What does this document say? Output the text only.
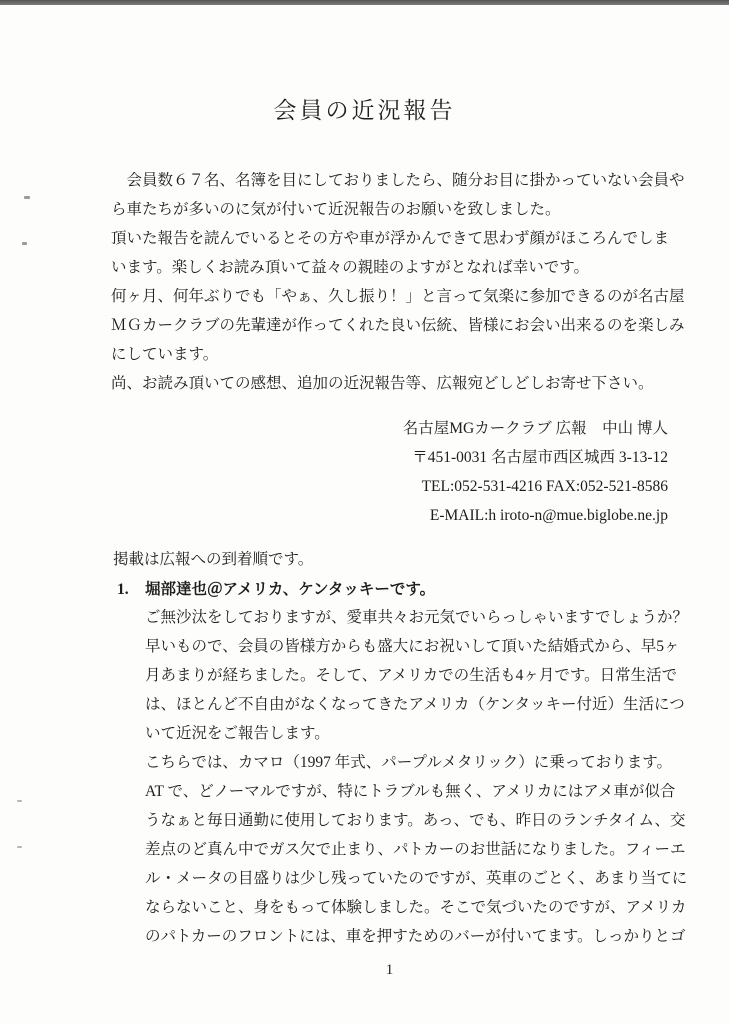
会員の近況報告
　会員数６７名、名簿を目にしておりましたら、随分お目に掛かっていない会員や
ら車たちが多いのに気が付いて近況報告のお願いを致しました。
頂いた報告を読んでいるとその方や車が浮かんできて思わず顔がほころんでしま
います。楽しくお読み頂いて益々の親睦のよすがとなれば幸いです。
何ヶ月、何年ぶりでも「やぁ、久し振り！」と言って気楽に参加できるのが名古屋
ＭＧカークラブの先輩達が作ってくれた良い伝統、皆様にお会い出来るのを楽しみ
にしています。
尚、お読み頂いての感想、追加の近況報告等、広報宛どしどしお寄せ下さい。
名古屋MGカークラブ 広報　中山 博人
〒451-0031 名古屋市西区城西 3-13-12
TEL:052-531-4216 FAX:052-521-8586
E-MAIL:h iroto-n@mue.biglobe.ne.jp
掲載は広報への到着順です。
1. 堀部達也＠アメリカ、ケンタッキーです。
ご無沙汰をしておりますが、愛車共々お元気でいらっしゃいますでしょうか？
早いもので、会員の皆様方からも盛大にお祝いして頂いた結婚式から、早5ヶ
月あまりが経ちました。そして、アメリカでの生活も4ヶ月です。日常生活で
は、ほとんど不自由がなくなってきたアメリカ（ケンタッキー付近）生活につ
いて近況をご報告します。
こちらでは、カマロ（1997 年式、パープルメタリック）に乗っております。
AT で、どノーマルですが、特にトラブルも無く、アメリカにはアメ車が似合
うなぁと毎日通勤に使用しております。あっ、でも、昨日のランチタイム、交
差点のど真ん中でガス欠で止まり、パトカーのお世話になりました。フィーエ
ル・メータの目盛りは少し残っていたのですが、英車のごとく、あまり当てに
ならないこと、身をもって体験しました。そこで気づいたのですが、アメリカ
のパトカーのフロントには、車を押すためのバーが付いてます。しっかりとゴ
1
